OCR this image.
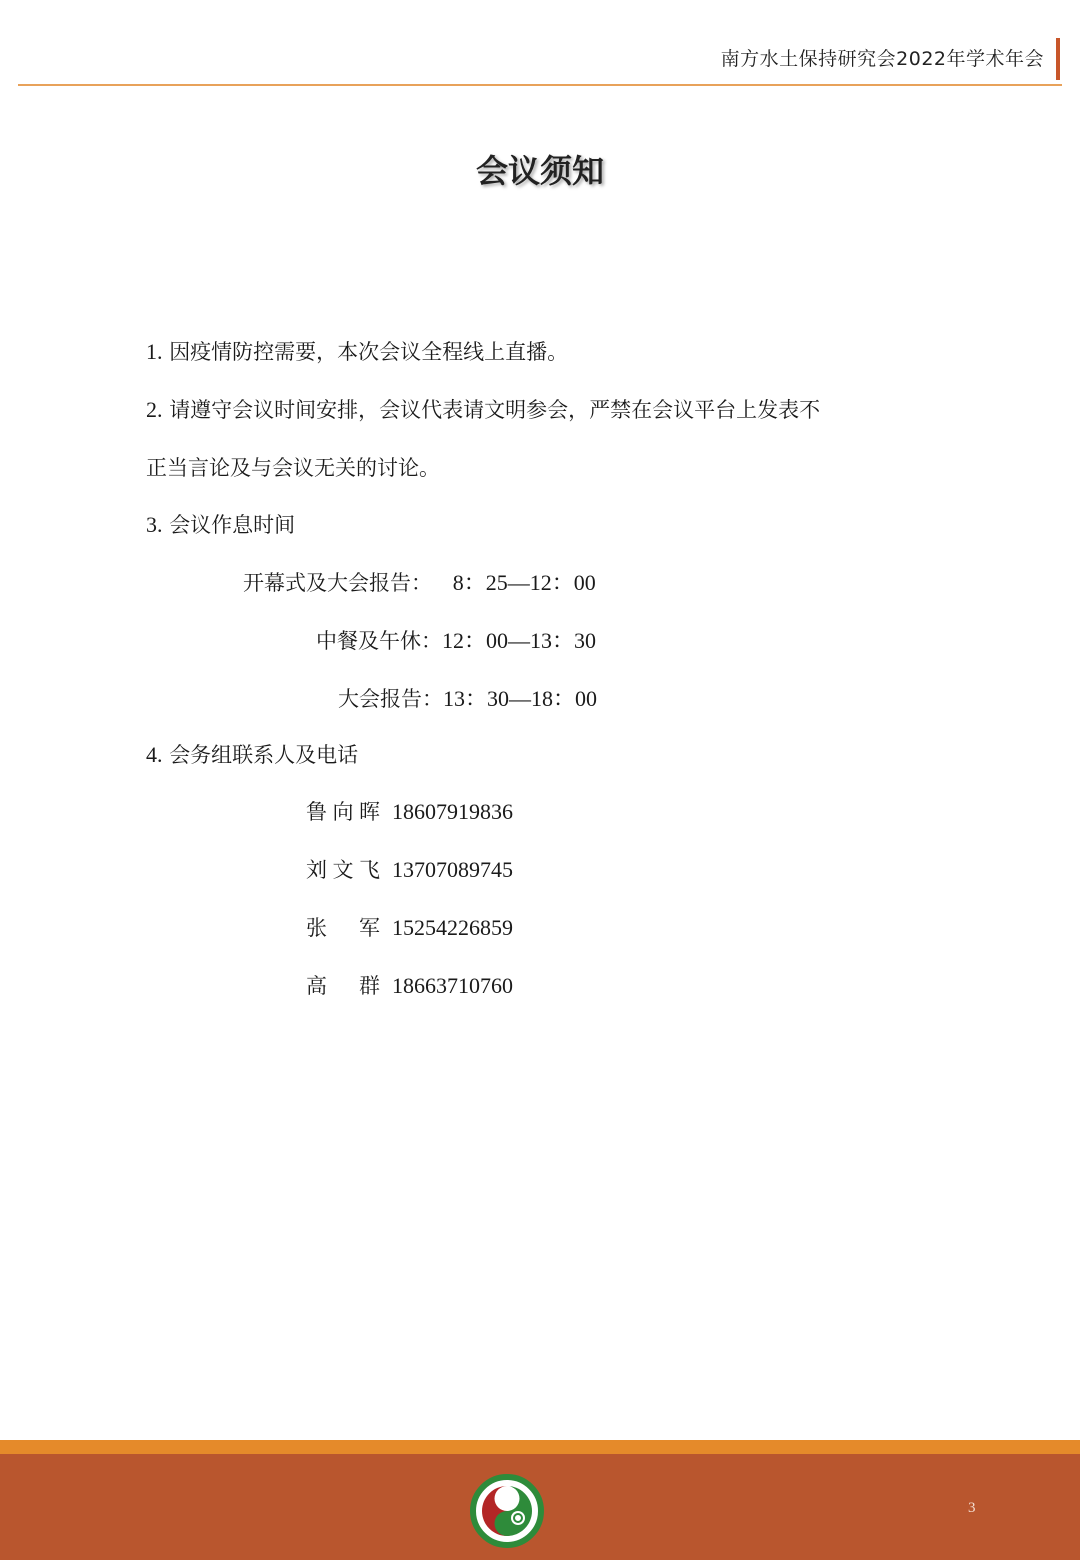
南方水土保持研究会2022年学术年会
会议须知
1. 因疫情防控需要，本次会议全程线上直播。
2. 请遵守会议时间安排，会议代表请文明参会，严禁在会议平台上发表不
正当言论及与会议无关的讨论。
3. 会议作息时间
开幕式及大会报告： 8：25—12：00
中餐及午休：12：00—13：30
大会报告：13：30—18：00
4. 会务组联系人及电话
鲁向晖 18607919836
刘文飞 13707089745
张军 15254226859
高群 18663710760
3
